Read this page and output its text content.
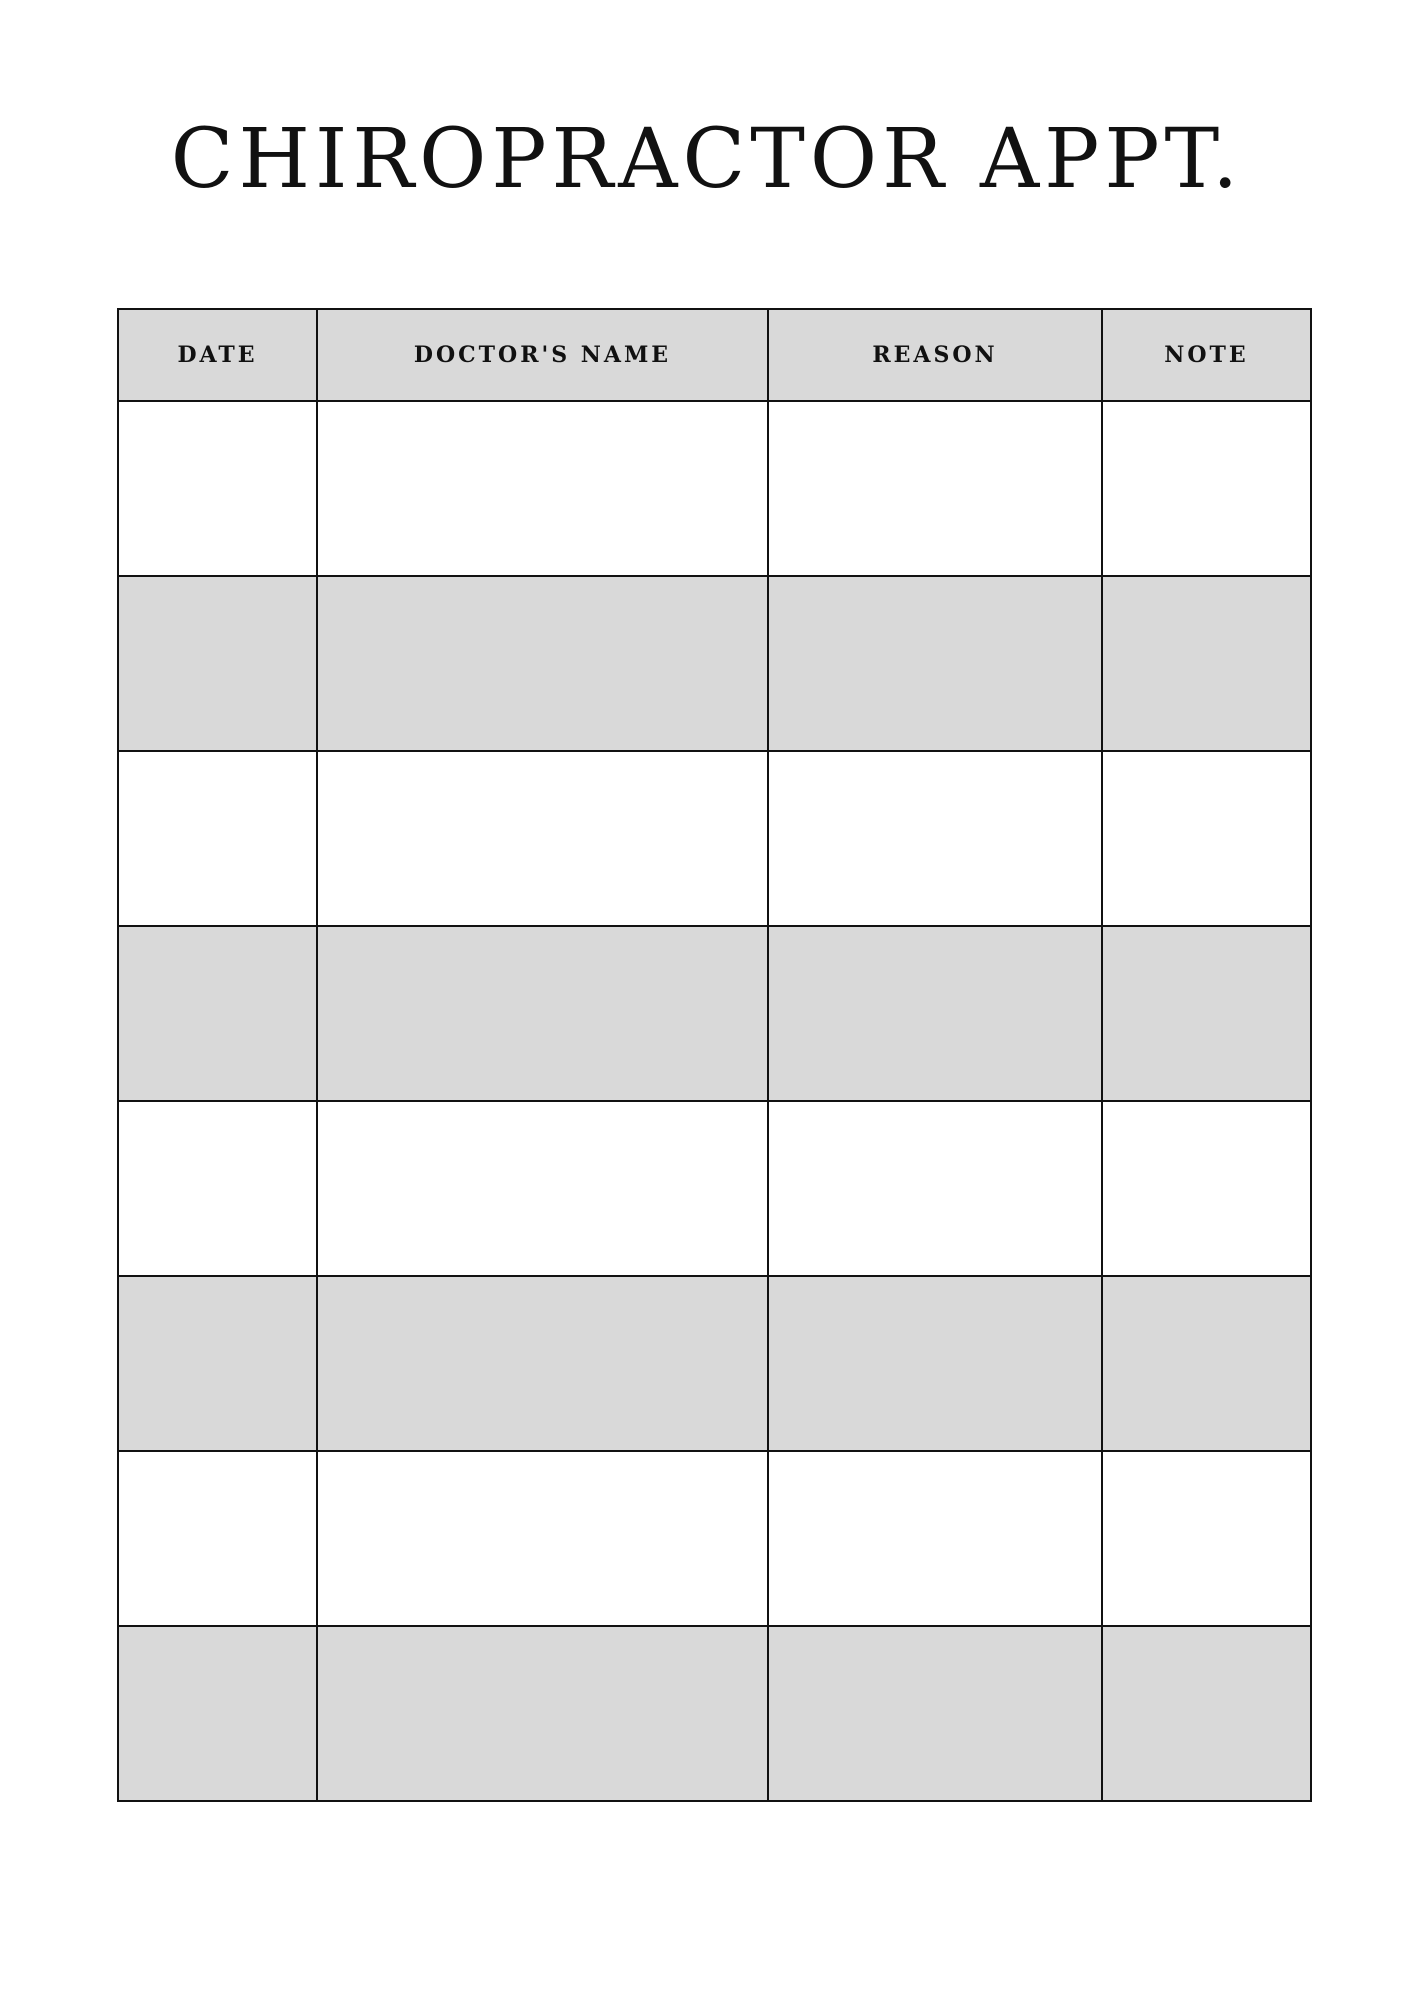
CHIROPRACTOR APPT.
DATE	DOCTOR'S NAME	REASON	NOTE
